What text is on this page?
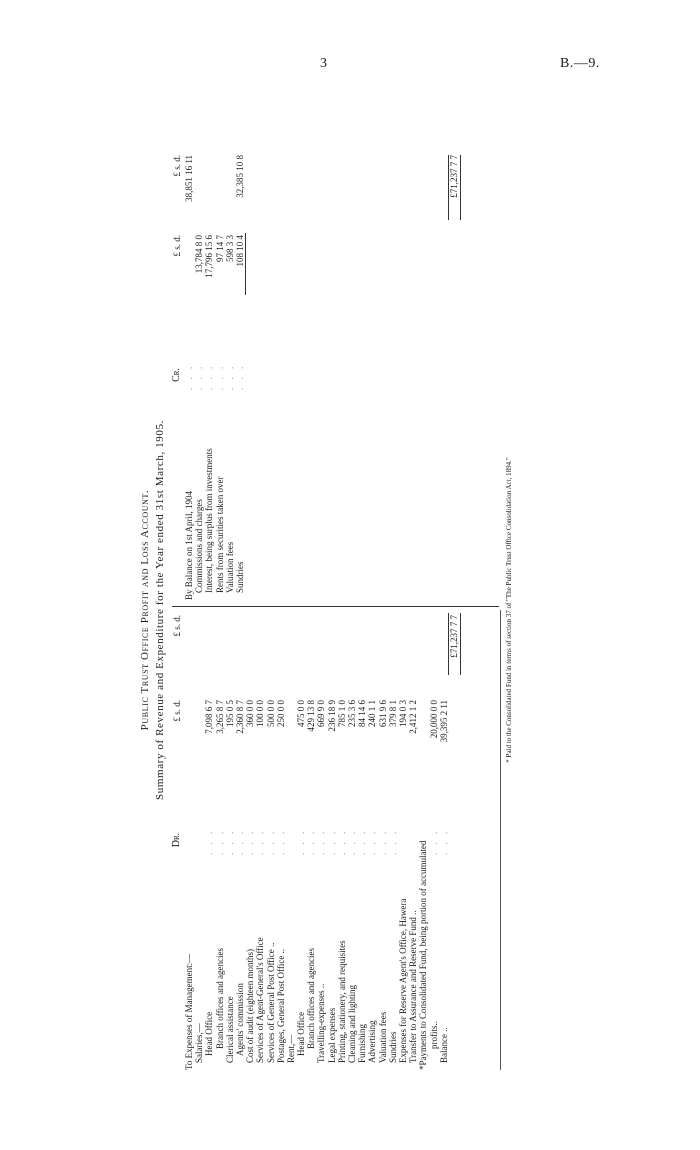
3	B.—9.
Public Trust Office Profit and Loss Account. Summary of Revenue and Expenditure for the Year ended 31st March, 1905.
Dr.
£ s. d.
£ s. d.
To Expenses of Management:— Salaries,— Head Office
. . .
7,098 6 7
Branch offices and agencies
. . .
3,265 8 7
Clerical assistance
. . .
195 0 5
Agents' commission
. . .
2,360 8 7
Cost of audit (eighteen months)
. . .
360 0 0
Services of Agent-General's Office
. . .
100 0 0
Services of General Post Office ..
. . .
500 0 0
Postages, General Post Office ..
. . .
250 0 0
Rent,— Head Office
. . .
475 0 0
Branch offices and agencies
. . .
429 13 8
Travelling-expenses ..
. . .
669 9 0
Legal expenses
. . .
236 18 9
Printing, stationery, and requisites
. . .
785 1 0
Cleaning and lighting
. . .
235 3 6
Furnishing
. . .
84 14 6
Advertising
. . .
240 1 1
Valuation fees
. . .
631 9 6
Sundries
. . .
379 8 1
Expenses for Reserve Agent's Office, Hawera
194 0 3
Transfer to Assurance and Reserve Fund ..
2,412 1 2
*Payments to Consolidated Fund, being portion of accumulated profits..
. . .
20,000 0 0
Balance ..
. . .
39,395 2 11
£71,237 7 7
Cr.
£ s. d.
£ s. d.
By Balance on 1st April, 1904
. . .
38,851 16 11
Commissions and charges
. . .
13,784 8 0
Interest, being surplus from investments
. . .
17,796 15 6
Rents from securities taken over
. . .
97 14 7
Valuation fees
. . .
598 3 3
Sundries
. . .
108 10 4
32,385 10 8	£71,237 7 7
* Paid to the Consolidated Fund in terms of section 37 of "The Public Trust Office Consolidation Act, 1894."
